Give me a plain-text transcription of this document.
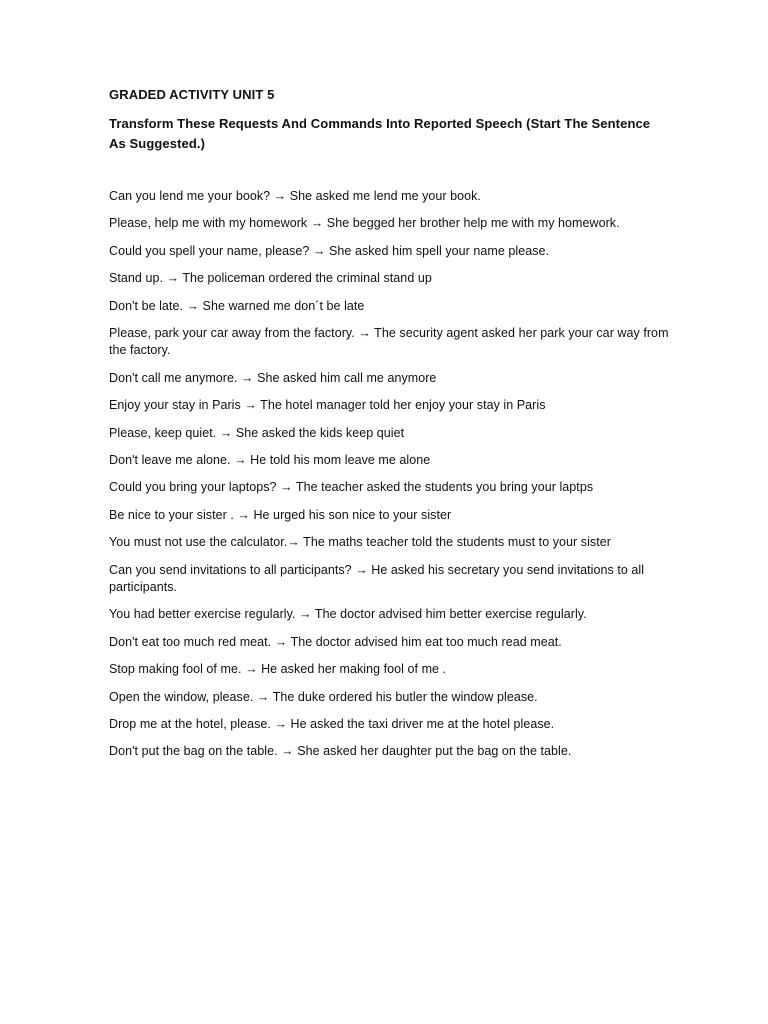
GRADED ACTIVITY UNIT 5
Transform These Requests And Commands Into Reported Speech (Start The Sentence As Suggested.)
Can you lend me your book? → She asked me lend me your book.
Please, help me with my homework → She begged her brother help me with my homework.
Could you spell your name, please? → She asked him spell your name please.
Stand up. → The policeman ordered the criminal stand up
Don't be late. → She warned me don´t be late
Please, park your car away from the factory. → The security agent asked her park your car way from the factory.
Don't call me anymore. → She asked him call me anymore
Enjoy your stay in Paris → The hotel manager told her enjoy your stay in Paris
Please, keep quiet. → She asked the kids keep quiet
Don't leave me alone. → He told his mom leave me alone
Could you bring your laptops? → The teacher asked the students you bring your laptps
Be nice to your sister . → He urged his son nice to your sister
You must not use the calculator.→ The maths teacher told the students must to your sister
Can you send invitations to all participants? → He asked his secretary you send invitations to all participants.
You had better exercise regularly. → The doctor advised him better exercise regularly.
Don't eat too much red meat. → The doctor advised him eat too much read meat.
Stop making fool of me. → He asked her making fool of me .
Open the window, please. → The duke ordered his butler the window please.
Drop me at the hotel, please. → He asked the taxi driver me at the hotel please.
Don't put the bag on the table. → She asked her daughter put the bag on the table.
